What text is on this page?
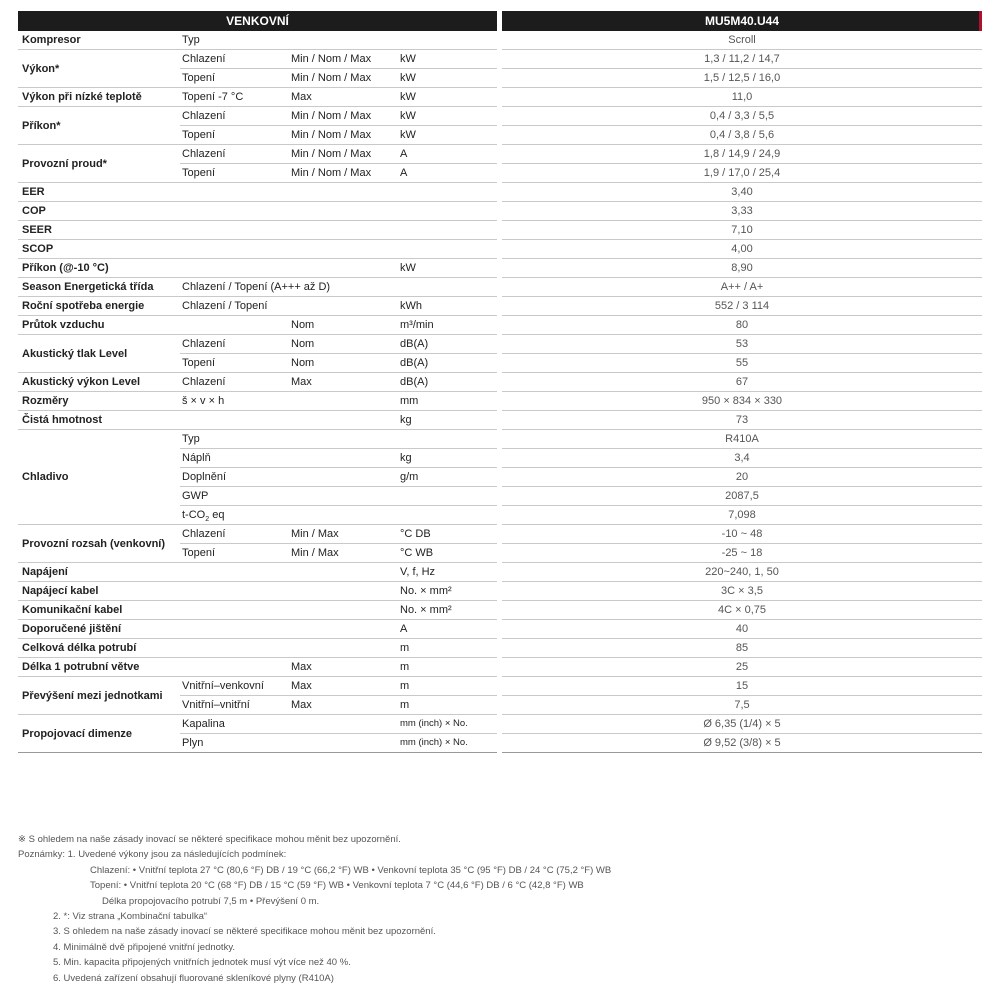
VENKOVNÍ					MU5M40.U44
Kompresor	Typ				Scroll
Výkon*	Chlazení	Min / Nom / Max	kW		1,3 / 11,2 / 14,7
	Topení	Min / Nom / Max	kW		1,5 / 12,5 / 16,0
Výkon při nízké teplotě	Topení -7 °C	Max	kW		11,0
Příkon*	Chlazení	Min / Nom / Max	kW		0,4 / 3,3 / 5,5
	Topení	Min / Nom / Max	kW		0,4 / 3,8 / 5,6
Provozní proud*	Chlazení	Min / Nom / Max	A		1,8 / 14,9 / 24,9
	Topení	Min / Nom / Max	A		1,9 / 17,0 / 25,4
EER					3,40
COP					3,33
SEER					7,10
SCOP					4,00
Příkon (@-10 °C)			kW		8,90
Season Energetická třída	Chlazení / Topení (A+++ až D)				A++ / A+
Roční spotřeba energie	Chlazení / Topení		kWh		552 / 3 114
Průtok vzduchu		Nom	m³/min		80
Akustický tlak Level	Chlazení	Nom	dB(A)		53
	Topení	Nom	dB(A)		55
Akustický výkon Level	Chlazení	Max	dB(A)		67
Rozměry	š × v × h		mm		950 × 834 × 330
Čistá hmotnost			kg		73
Chladivo	Typ				R410A
	Náplň		kg		3,4
	Doplnění		g/m		20
	GWP				2087,5
	$t-CO_2$ eq				7,098
Provozní rozsah (venkovní)	Chlazení	Min / Max	°C DB		-10 ~ 48
	Topení	Min / Max	°C WB		-25 ~ 18
Napájení			V, f, Hz		220~240, 1, 50
Napájecí kabel			No. × mm²		3C × 3,5
Komunikační kabel			No. × mm²		4C × 0,75
Doporučené jištění			A		40
Celková délka potrubí			m		85
Délka 1 potrubní větve		Max	m		25
Převýšení mezi jednotkami	Vnitřní–venkovní	Max	m		15
	Vnitřní–vnitřní	Max	m		7,5
Propojovací dimenze	Kapalina		mm (inch) × No.		Ø 6,35 (1/4) × 5
	Plyn		mm (inch) × No.		Ø 9,52 (3/8) × 5
※ S ohledem na naše zásady inovací se některé specifikace mohou měnit bez upozornění.
Poznámky: 1. Uvedené výkony jsou za následujících podmínek:
Chlazení: • Vnitřní teplota 27 °C (80,6 °F) DB / 19 °C (66,2 °F) WB • Venkovní teplota 35 °C (95 °F) DB / 24 °C (75,2 °F) WB
Topení: • Vnitřní teplota 20 °C (68 °F) DB / 15 °C (59 °F) WB • Venkovní teplota 7 °C (44,6 °F) DB / 6 °C (42,8 °F) WB
Délka propojovacího potrubí 7,5 m • Převýšení 0 m.
2. *: Viz strana „Kombinační tabulka“
3. S ohledem na naše zásady inovací se některé specifikace mohou měnit bez upozornění.
4. Minimálně dvě připojené vnitřní jednotky.
5. Min. kapacita připojených vnitřních jednotek musí výt více než 40 %.
6. Uvedená zařízení obsahují fluorované skleníkové plyny (R410A)
